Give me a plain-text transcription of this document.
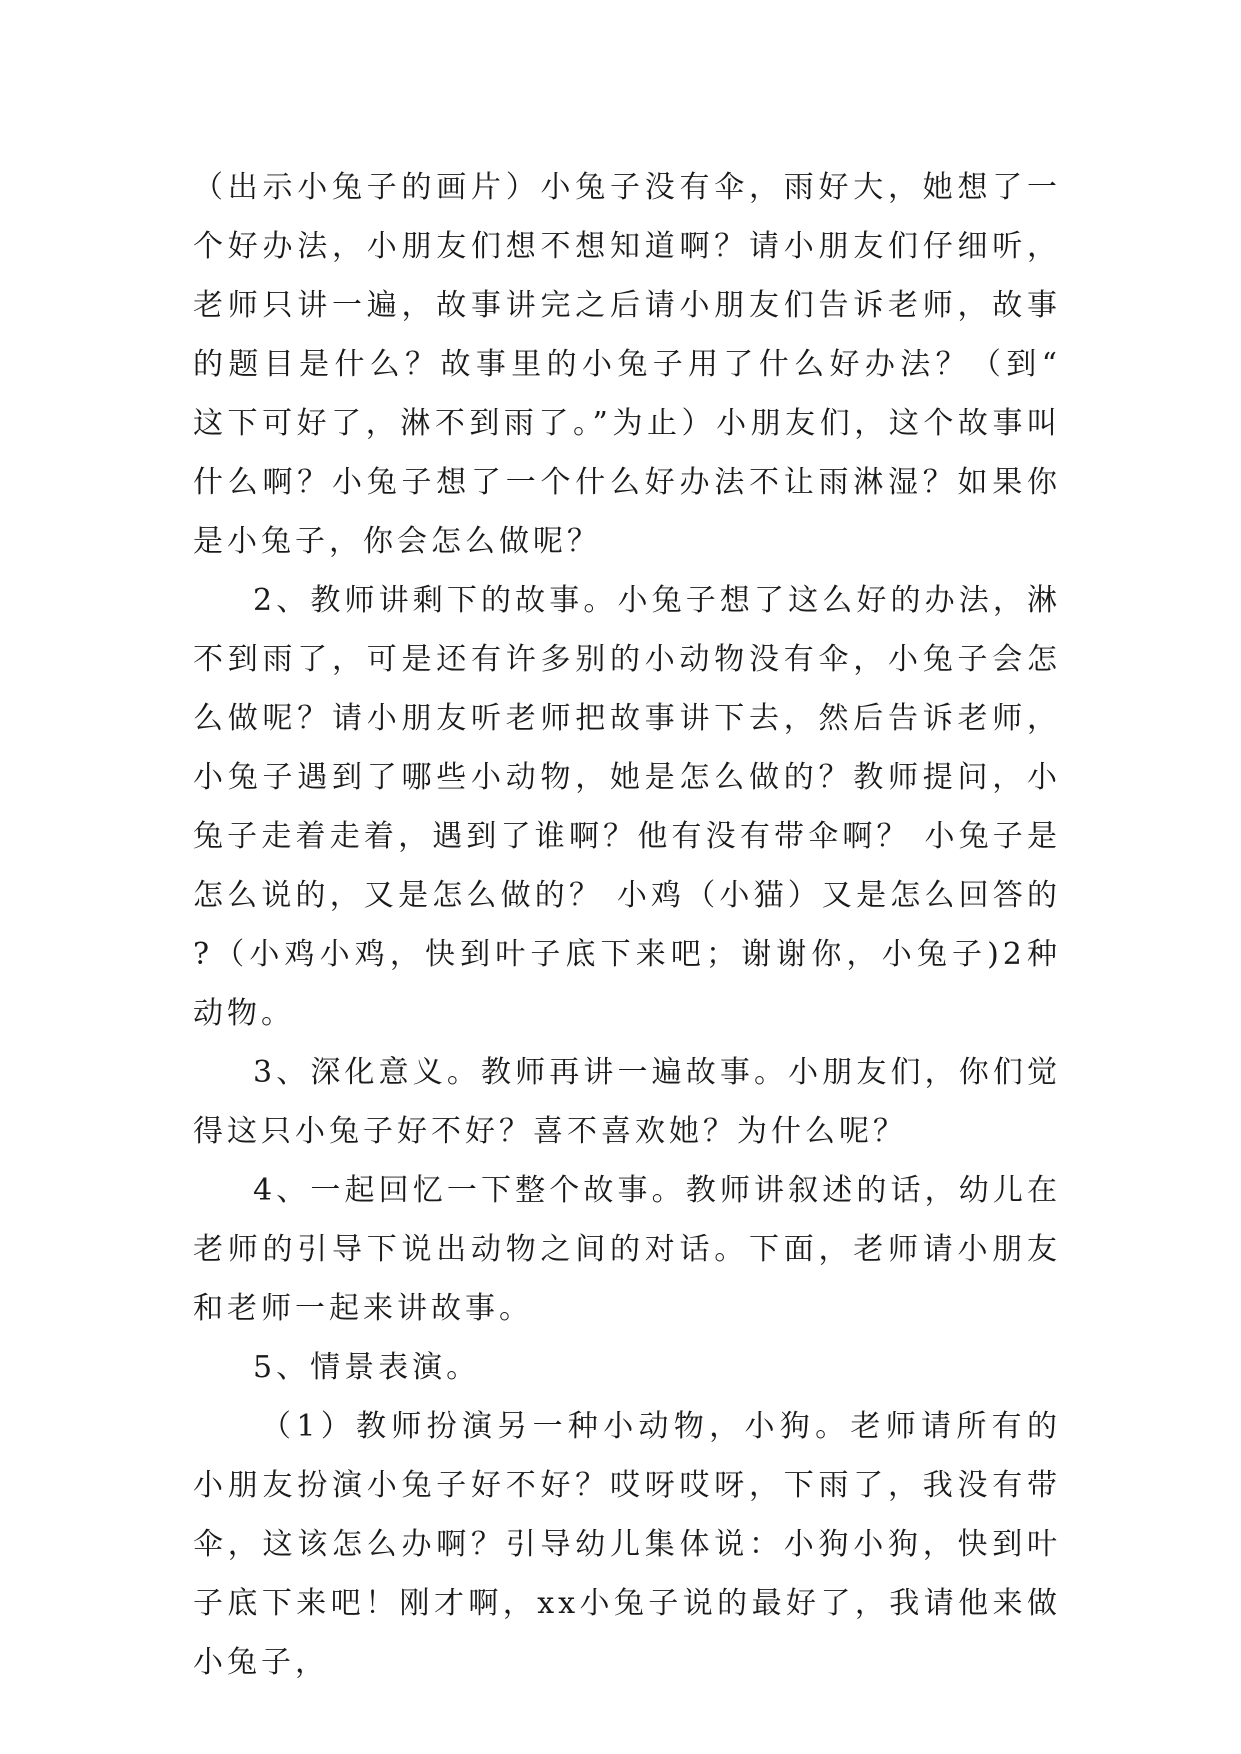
（出示小兔子的画片）小兔子没有伞，雨好大，她想了一个好办法，小朋友们想不想知道啊？请小朋友们仔细听，老师只讲一遍，故事讲完之后请小朋友们告诉老师，故事的题目是什么？故事里的小兔子用了什么好办法？（到“这下可好了，淋不到雨了。”为止）小朋友们，这个故事叫什么啊？小兔子想了一个什么好办法不让雨淋湿？如果你是小兔子，你会怎么做呢？

2、教师讲剩下的故事。小兔子想了这么好的办法，淋不到雨了，可是还有许多别的小动物没有伞，小兔子会怎么做呢？请小朋友听老师把故事讲下去，然后告诉老师，小兔子遇到了哪些小动物，她是怎么做的？教师提问，小兔子走着走着，遇到了谁啊？他有没有带伞啊？ 小兔子是怎么说的，又是怎么做的？ 小鸡（小猫）又是怎么回答的?（小鸡小鸡，快到叶子底下来吧；谢谢你，小兔子)2种动物。

3、深化意义。教师再讲一遍故事。小朋友们，你们觉得这只小兔子好不好？喜不喜欢她？为什么呢？

4、一起回忆一下整个故事。教师讲叙述的话，幼儿在老师的引导下说出动物之间的对话。下面，老师请小朋友和老师一起来讲故事。

5、情景表演。

（1）教师扮演另一种小动物，小狗。老师请所有的小朋友扮演小兔子好不好？哎呀哎呀，下雨了，我没有带伞，这该怎么办啊？引导幼儿集体说：小狗小狗，快到叶子底下来吧！刚才啊，xx小兔子说的最好了，我请他来做小兔子，
